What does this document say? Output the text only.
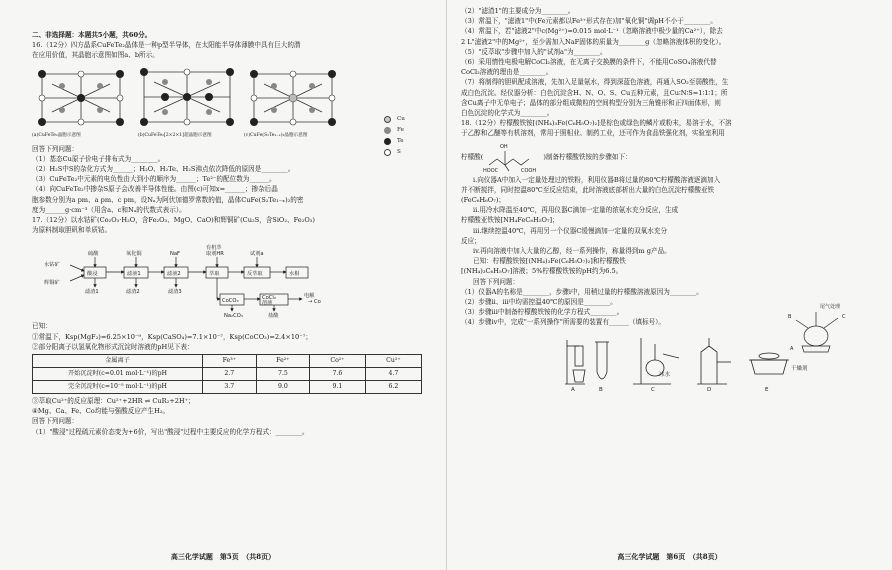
二、非选择题：本题共5小题，共60分。
16.（12分）四方晶系CuFeTe₂晶体是一种p型半导体，在太阳能半导体薄膜中具有巨大的潜
在应用价值，其晶胞示意图如图a、b所示。
(a)CuFeTe₂晶胞示意图	(b)CuFeTe₂[2×2×1]超晶胞示意图	(c)CuFe(S₂Te₁₋ₓ)₂晶胞示意图
Cu
Fe
Te
S
回答下列问题：
（1）基态Cu原子价电子排布式为________。
（2）H₂S中S的杂化方式为______；H₂O、H₂Te、H₂S沸点依次降低的原因是________。
（3）CuFeTe₂中元素的电负性由大到小的顺序为______；Te²⁻的配位数为______。
（4）向CuFeTe₂中掺杂S原子会改善半导体性能。由图(c)可知x=______；掺杂后晶
胞参数分别为a pm、a pm、c pm，设Nₐ为阿伏加德罗常数的值，晶体CuFe(S₂Te₁₋ₓ)₂的密
度为______g·cm⁻³（用含a、c和Nₐ的代数式表示）。
17.（12分）以水钴矿(Co₂O₃·H₂O，含Fe₂O₃、MgO、CaO)和辉铜矿(Cu₂S，含SiO₂、Fe₂O₃)
为原料制取胆矾和单质钴。
水钴矿
辉铜矿
酸浸	滤液1	滤液2	萃取	反萃取	水相
CoCO₃	CoCl₂
溶液
电解
→ Co
硫酸	氧化铜	NaF
有机萃
取剂HR	试剂a
滤渣1	滤渣2	滤渣3
Na₂CO₃	盐酸
已知：
①常温下，Ksp(MgF₂)=6.25×10⁻⁹，Ksp(CaSO₄)=7.1×10⁻⁷，Ksp(CoCO₃)=2.4×10⁻⁷；
②部分阳离子以氢氧化物形式沉淀时溶液的pH见下表：
金属离子	Fe³⁺	Fe²⁺	Co²⁺	Cu²⁺
开始沉淀时(c=0.01 mol·L⁻¹)的pH	2.7	7.5	7.6	4.7
完全沉淀时(c=10⁻⁵ mol·L⁻¹)的pH	3.7	9.0	9.1	6.2
③萃取Cu²⁺的反应原理：Cu²⁺+2HR ⇌ CuR₂+2H⁺；
④Mg、Ca、Fe、Co均能与强酸反应产生H₂。
回答下列问题：
（1）"酸浸"过程硫元素价态变为+6价，写出"酸浸"过程中主要反应的化学方程式：________。
高三化学试题　第5页　（共8页）
（2）"滤渣1"的主要成分为________。
（3）常温下，"滤液1"中(Fe元素都以Fe³⁺形式存在)加"氧化铜"调pH不小于________。
（4）常温下，若"滤液2"中c(Mg²⁺)=0.015 mol·L⁻¹（忽略溶液中极少量的Ca²⁺），除去
2 L"滤液2"中的Mg²⁺，至少需加入NaF固体的质量为________g（忽略溶液体积的变化）。
（5）"反萃取"步骤中加入的"试剂a"为________。
（6）采用惰性电极电解CoCl₂溶液，在无离子交换膜的条件下，不能用CoSO₄溶液代替
CoCl₂溶液的理由是________。
（7）将制得的胆矾配成溶液，先加入足量氨水，得到深蓝色溶液，再通入SO₂至弱酸性，生
成白色沉淀。经仪器分析：白色沉淀含H、N、O、S、Cu五种元素，且Cu∶N∶S=1∶1∶1；所
含Cu离子中无单电子；晶体的部分组成微粒的空间构型分别为三角锥形和正四面体形，则
白色沉淀的化学式为________。
18.（12分）柠檬酸铁铵[(NH₄)₃Fe(C₆H₅O₇)₂]是棕色或绿色的鳞片或粉末，易溶于水，不溶
于乙醇和乙醚等有机溶剂，常用于照相业、制药工业，还可作为食品铁强化剂，实验室利用
柠檬酸(
OH
HOOC	COOH
)制备柠檬酸铁铵的步骤如下：
i.向仪器A中加入一定量处理过的铁粉，利用仪器B将过量的80℃柠檬酸溶液逐滴加入
并不断搅拌，同时控温80℃至反应结束，此时溶液底部析出大量的白色沉淀柠檬酸亚铁
(FeC₆H₆O₇)；
ii.用冷水降温至40℃，再用仪器C滴加一定量的浓氨水充分反应，生成
柠檬酸亚铁铵[NH₄FeC₆H₅O₇]；
iii.继续控温40℃，再用另一个仪器C缓慢滴加一定量的双氧水充分
反应；
iv.再向溶液中加入大量的乙醇，经一系列操作，称量得到m g产品。
已知：柠檬酸铁铵[(NH₄)₃Fe(C₆H₅O₇)₂]和柠檬酸铁
[(NH₄)₃C₆H₅O₇]溶液；5%柠檬酸铁铵的pH约为6.5。
回答下列问题：
（1）仪器A的名称是________，步骤i中，用稍过量的柠檬酸溶液原因为________。
（2）步骤ii、iii中均需控温40℃的原因是________。
（3）步骤iii中制备柠檬酸铁铵的化学方程式________。
（4）步骤iv中，完成"一系列操作"所需要的装置有______（填标号）。
A	B	C	D	E
冰水
干燥剂
尾气处理
B	C
A
高三化学试题　第6页　（共8页）
